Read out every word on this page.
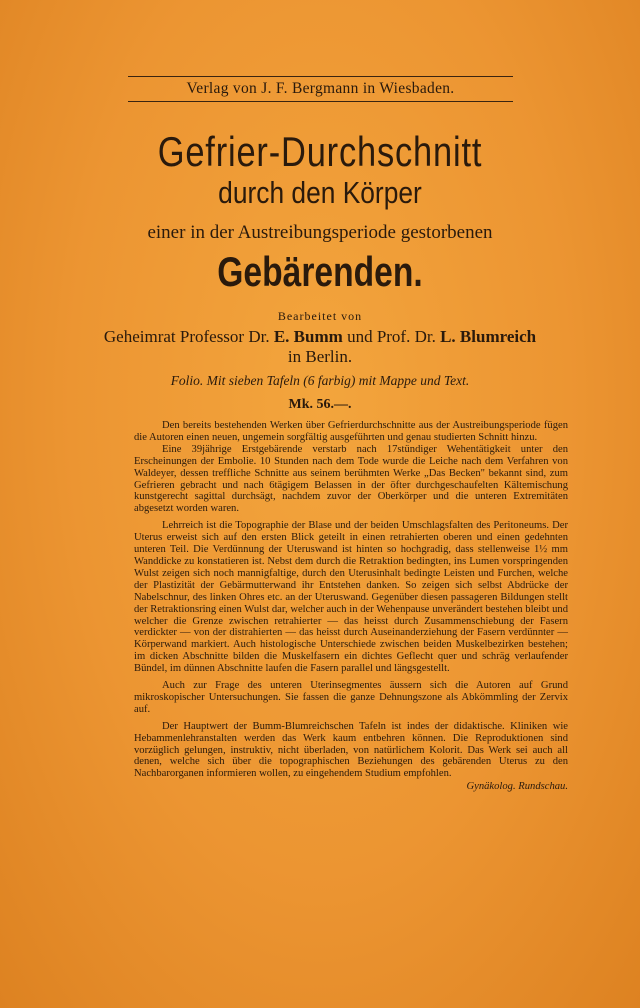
Verlag von J. F. Bergmann in Wiesbaden.
Gefrier-Durchschnitt
durch den Körper
einer in der Austreibungsperiode gestorbenen
Gebärenden.
Bearbeitet von
Geheimrat Professor Dr. E. Bumm und Prof. Dr. L. Blumreich
in Berlin.
Folio. Mit sieben Tafeln (6 farbig) mit Mappe und Text.
Mk. 56.—.

Den bereits bestehenden Werken über Gefrierdurchschnitte aus der Austreibungsperiode fügen die Autoren einen neuen, ungemein sorgfältig ausgeführten und genau studierten Schnitt hinzu.

Eine 39jährige Erstgebärende verstarb nach 17stündiger Wehentätigkeit unter den Erscheinungen der Embolie. 10 Stunden nach dem Tode wurde die Leiche nach dem Verfahren von Waldeyer, dessen treffliche Schnitte aus seinem berühmten Werke „Das Becken" bekannt sind, zum Gefrieren gebracht und nach 6tägigem Belassen in der öfter durchgeschaufelten Kältemischung kunstgerecht sagittal durchsägt, nachdem zuvor der Oberkörper und die unteren Extremitäten abgesetzt worden waren.

Lehrreich ist die Topographie der Blase und der beiden Umschlagsfalten des Peritoneums. Der Uterus erweist sich auf den ersten Blick geteilt in einen retrahierten oberen und einen gedehnten unteren Teil. Die Verdünnung der Uteruswand ist hinten so hochgradig, dass stellenweise 1½ mm Wanddicke zu konstatieren ist. Nebst dem durch die Retraktion bedingten, ins Lumen vorspringenden Wulst zeigen sich noch mannigfaltige, durch den Uterusinhalt bedingte Leisten und Furchen, welche der Plastizität der Gebärmutterwand ihr Entstehen danken. So zeigen sich selbst Abdrücke der Nabelschnur, des linken Ohres etc. an der Uteruswand. Gegenüber diesen passageren Bildungen stellt der Retraktionsring einen Wulst dar, welcher auch in der Wehenpause unverändert bestehen bleibt und welcher die Grenze zwischen retrahierter — das heisst durch Zusammenschiebung der Fasern verdickter — von der distrahierten — das heisst durch Auseinanderziehung der Fasern verdünnter — Körperwand markiert. Auch histologische Unterschiede zwischen beiden Muskelbezirken bestehen; im dicken Abschnitte bilden die Muskelfasern ein dichtes Geflecht quer und schräg verlaufender Bündel, im dünnen Abschnitte laufen die Fasern parallel und längsgestellt.

Auch zur Frage des unteren Uterinsegmentes äussern sich die Autoren auf Grund mikroskopischer Untersuchungen. Sie fassen die ganze Dehnungszone als Abkömmling der Zervix auf.

Der Hauptwert der Bumm-Blumreichschen Tafeln ist indes der didaktische. Kliniken wie Hebammenlehranstalten werden das Werk kaum entbehren können. Die Reproduktionen sind vorzüglich gelungen, instruktiv, nicht überladen, von natürlichem Kolorit. Das Werk sei auch all denen, welche sich über die topographischen Beziehungen des gebärenden Uterus zu den Nachbarorganen informieren wollen, zu eingehendem Studium empfohlen.

Gynäkolog. Rundschau.
